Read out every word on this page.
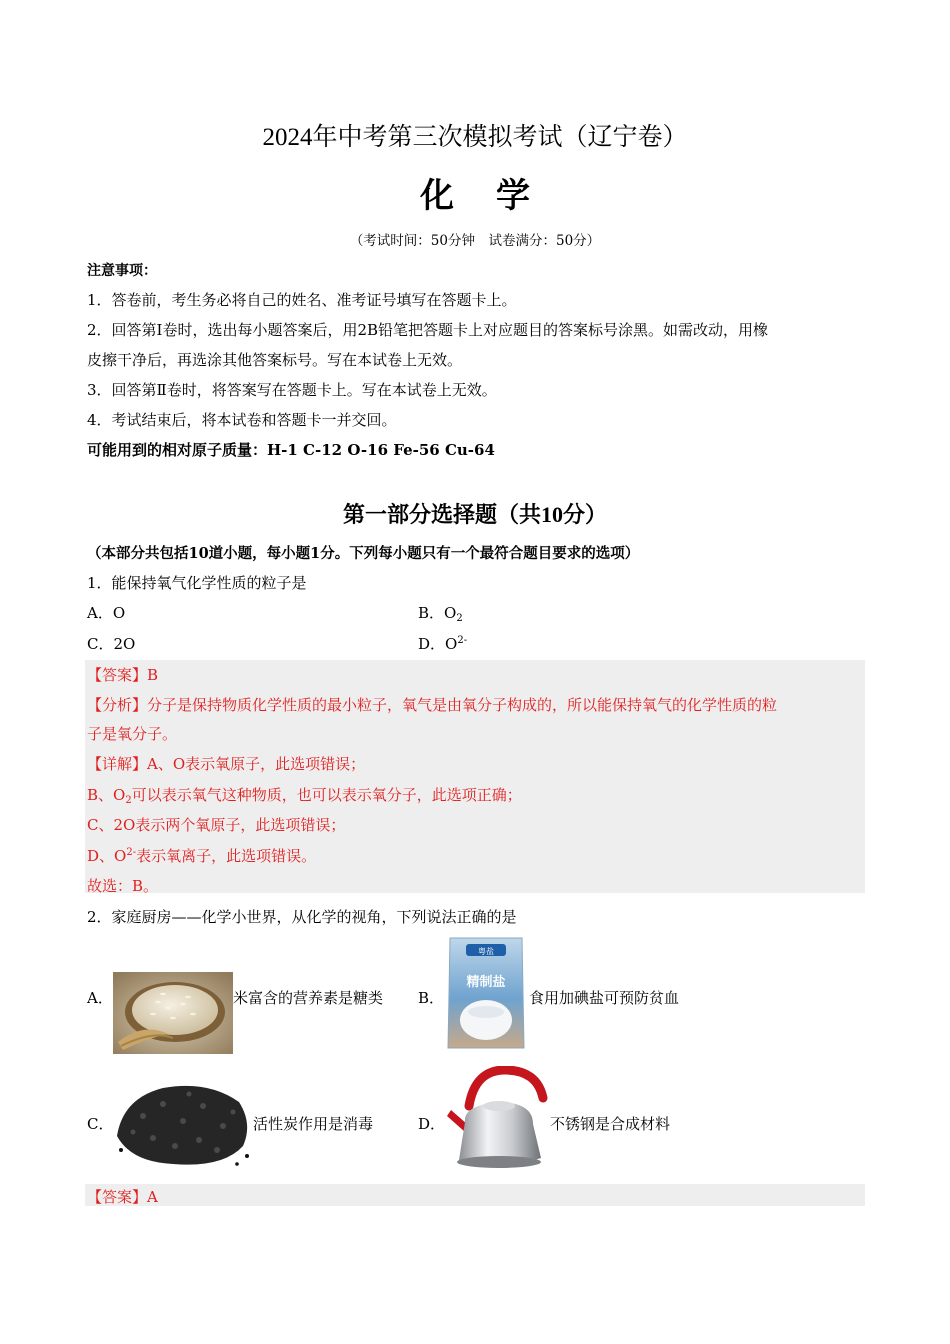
2024年中考第三次模拟考试（辽宁卷）
化学
（考试时间：50分钟　试卷满分：50分）
注意事项：
1．答卷前，考生务必将自己的姓名、准考证号填写在答题卡上。
2．回答第Ⅰ卷时，选出每小题答案后，用2B铅笔把答题卡上对应题目的答案标号涂黑。如需改动，用橡
皮擦干净后，再选涂其他答案标号。写在本试卷上无效。
3．回答第Ⅱ卷时，将答案写在答题卡上。写在本试卷上无效。
4．考试结束后，将本试卷和答题卡一并交回。
可能用到的相对原子质量：H-1 C-12 O-16 Fe-56 Cu-64
第一部分选择题（共10分）
（本部分共包括10道小题，每小题1分。下列每小题只有一个最符合题目要求的选项）
1．能保持氧气化学性质的粒子是
A．O	B．$O_2$
C．2O	D．$O^{2-}$
【答案】B
【分析】分子是保持物质化学性质的最小粒子，氧气是由氧分子构成的，所以能保持氧气的化学性质的粒
子是氧分子。
【详解】A、O表示氧原子，此选项错误；
B、$O_2$可以表示氧气这种物质，也可以表示氧分子，此选项正确；
C、2O表示两个氧原子，此选项错误；
D、$O^{2-}$表示氧离子，此选项错误。
故选：B。
2．家庭厨房——化学小世界，从化学的视角，下列说法正确的是
A．	米富含的营养素是糖类 B．
粤盐
精制盐
食用加碘盐可预防贫血
C．	活性炭作用是消毒	D．	不锈钢是合成材料
【答案】A
